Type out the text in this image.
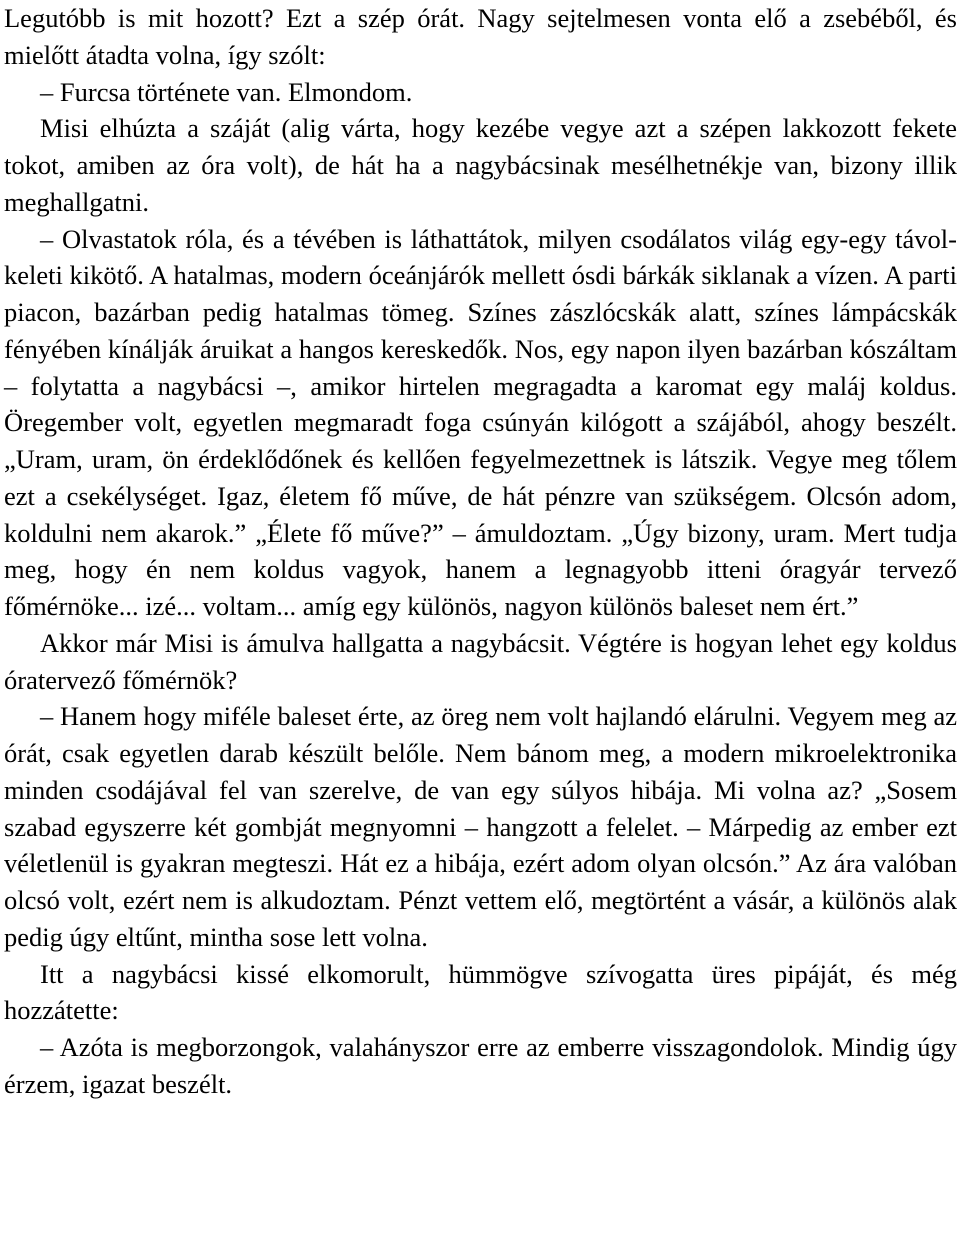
Legutóbb is mit hozott? Ezt a szép órát. Nagy sejtelmesen vonta elő a zsebéből, és mielőtt átadta volna, így szólt:

– Furcsa története van. Elmondom.

Misi elhúzta a száját (alig várta, hogy kezébe vegye azt a szépen lakkozott fekete tokot, amiben az óra volt), de hát ha a nagybácsinak mesélhetnékje van, bizony illik meghallgatni.

– Olvastatok róla, és a tévében is láthattátok, milyen csodálatos világ egy-egy távol-keleti kikötő. A hatalmas, modern óceánjárók mellett ósdi bárkák siklanak a vízen. A parti piacon, bazárban pedig hatalmas tömeg. Színes zászlócskák alatt, színes lámpácskák fényében kínálják áruikat a hangos kereskedők. Nos, egy napon ilyen bazárban kószáltam – folytatta a nagybácsi –, amikor hirtelen megragadta a karomat egy maláj koldus. Öregember volt, egyetlen megmaradt foga csúnyán kilógott a szájából, ahogy beszélt. „Uram, uram, ön érdeklődőnek és kellően fegyelmezettnek is látszik. Vegye meg tőlem ezt a csekélységet. Igaz, életem fő műve, de hát pénzre van szükségem. Olcsón adom, koldulni nem akarok.” „Élete fő műve?” – ámuldoztam. „Úgy bizony, uram. Mert tudja meg, hogy én nem koldus vagyok, hanem a legnagyobb itteni óragyár tervező főmérnöke... izé... voltam... amíg egy különös, nagyon különös baleset nem ért.”

Akkor már Misi is ámulva hallgatta a nagybácsit. Végtére is hogyan lehet egy koldus óratervező főmérnök?

– Hanem hogy miféle baleset érte, az öreg nem volt hajlandó elárulni. Vegyem meg az órát, csak egyetlen darab készült belőle. Nem bánom meg, a modern mikroelektronika minden csodájával fel van szerelve, de van egy súlyos hibája. Mi volna az? „Sosem szabad egyszerre két gombját megnyomni – hangzott a felelet. – Márpedig az ember ezt véletlenül is gyakran megteszi. Hát ez a hibája, ezért adom olyan olcsón.” Az ára valóban olcsó volt, ezért nem is alkudoztam. Pénzt vettem elő, megtörtént a vásár, a különös alak pedig úgy eltűnt, mintha sose lett volna.

Itt a nagybácsi kissé elkomorult, hümmögve szívogatta üres pipáját, és még hozzátette:

– Azóta is megborzongok, valahányszor erre az emberre visszagondolok. Mindig úgy érzem, igazat beszélt.
